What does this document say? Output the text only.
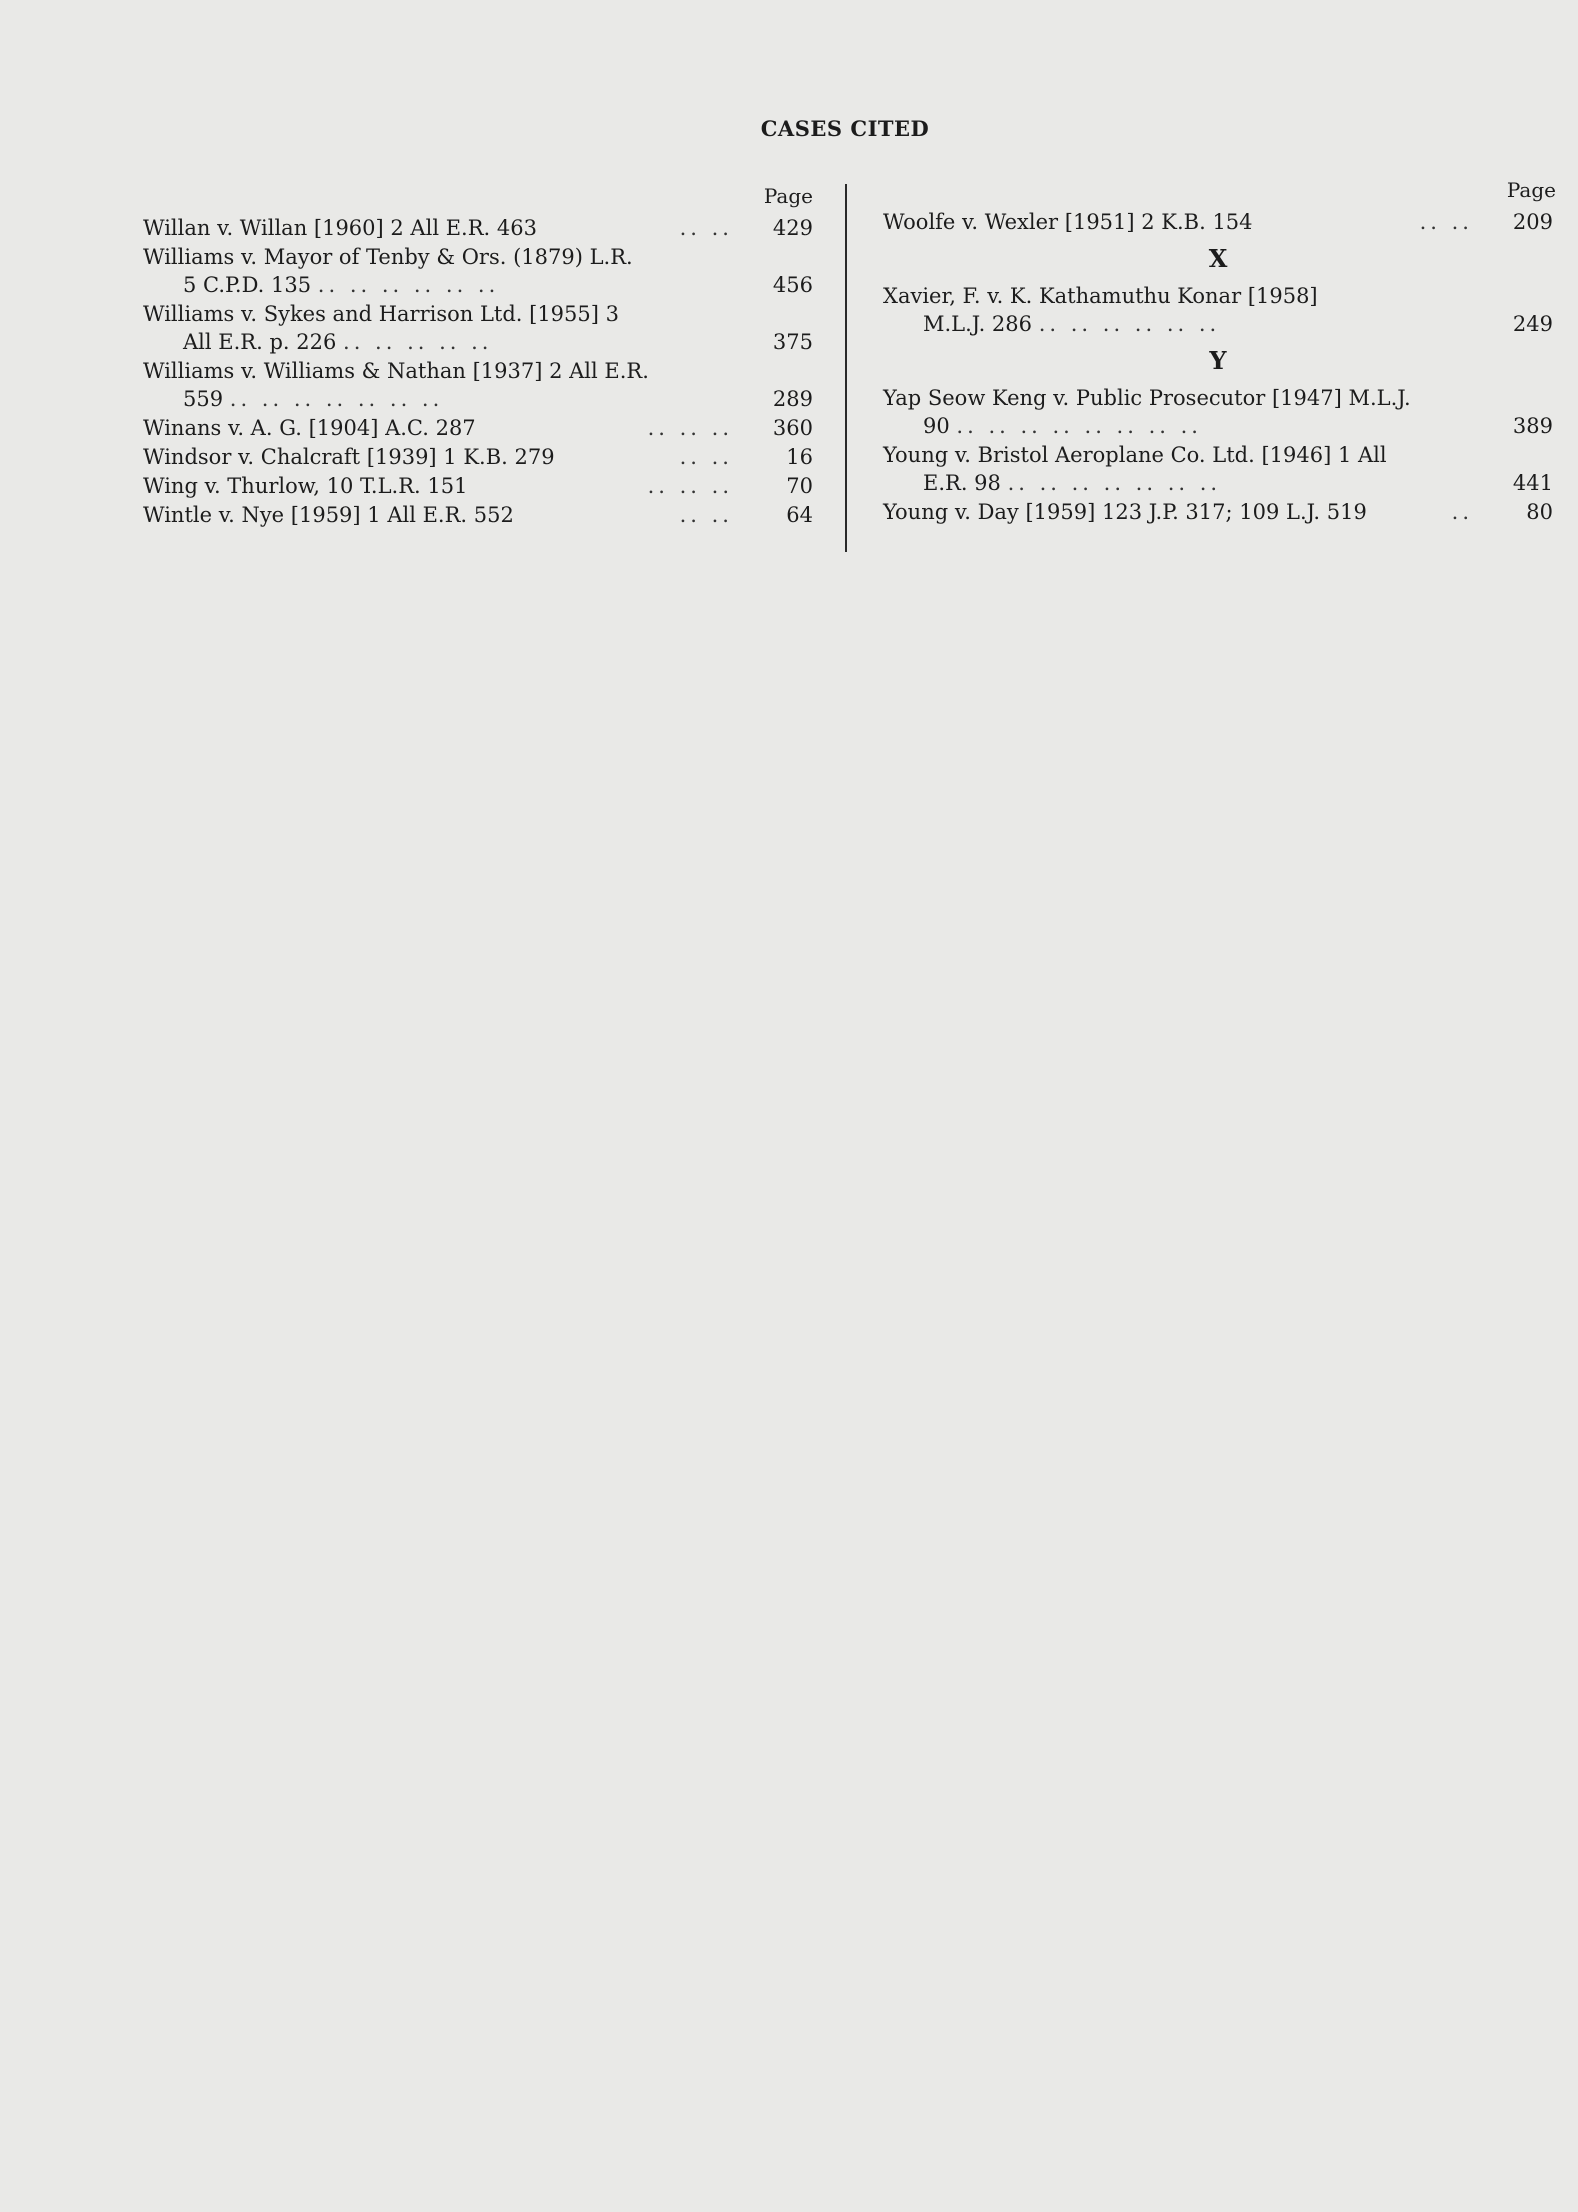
CASES CITED
Page
Willan v. Willan [1960] 2 All E.R. 463	.. ..	429
Williams v. Mayor of Tenby & Ors. (1879) L.R.
5 C.P.D. 135 .. .. .. .. .. ..	456
Williams v. Sykes and Harrison Ltd. [1955] 3
All E.R. p. 226 .. .. .. .. ..	375
Williams v. Williams & Nathan [1937] 2 All E.R.
559 .. .. .. .. .. .. ..	289
Winans v. A. G. [1904] A.C. 287	.. .. ..	360
Windsor v. Chalcraft [1939] 1 K.B. 279	.. ..	16
Wing v. Thurlow, 10 T.L.R. 151	.. .. ..	70
Wintle v. Nye [1959] 1 All E.R. 552	.. ..	64
Page
Woolfe v. Wexler [1951] 2 K.B. 154	.. ..	209
X
Xavier, F. v. K. Kathamuthu Konar [1958]
M.L.J. 286 .. .. .. .. .. ..	249
Y
Yap Seow Keng v. Public Prosecutor [1947] M.L.J.
90 .. .. .. .. .. .. .. ..	389
Young v. Bristol Aeroplane Co. Ltd. [1946] 1 All
E.R. 98 .. .. .. .. .. .. ..	441
Young v. Day [1959] 123 J.P. 317; 109 L.J. 519	..	80
